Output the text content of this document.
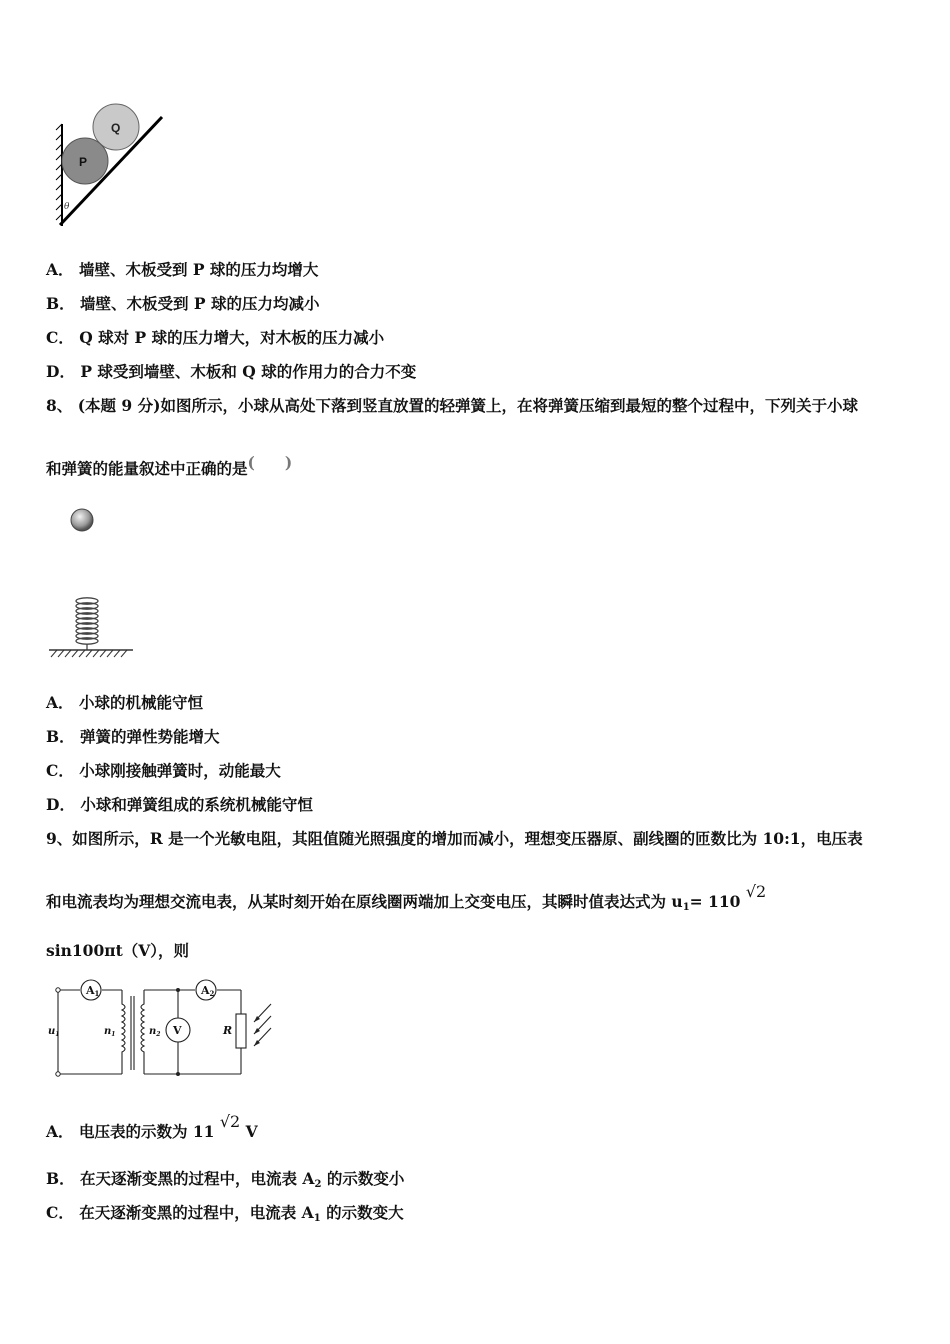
Q
P
θ
A． 墙壁、木板受到 P 球的压力均增大
B． 墙壁、木板受到 P 球的压力均减小
C． Q 球对 P 球的压力增大，对木板的压力减小
D． P 球受到墙壁、木板和 Q 球的作用力的合力不变
8、 (本题 9 分)如图所示，小球从高处下落到竖直放置的轻弹簧上，在将弹簧压缩到最短的整个过程中，下列关于小球
和弹簧的能量叙述中正确的是( )
A． 小球的机械能守恒
B． 弹簧的弹性势能增大
C． 小球刚接触弹簧时，动能最大
D． 小球和弹簧组成的系统机械能守恒
9、如图所示，R 是一个光敏电阻，其阻值随光照强度的增加而减小，理想变压器原、副线圈的匝数比为 10:1，电压表
和电流表均为理想交流电表，从某时刻开始在原线圈两端加上交变电压，其瞬时值表达式为 $u_1= 110$ √2
sin100πt（V），则
A1	A2
V
$u_1$	$n_1$	$n_2$	R
A． 电压表的示数为 11 √2 V
B． 在天逐渐变黑的过程中，电流表 $A_2$ 的示数变小
C． 在天逐渐变黑的过程中，电流表 $A_1$ 的示数变大
